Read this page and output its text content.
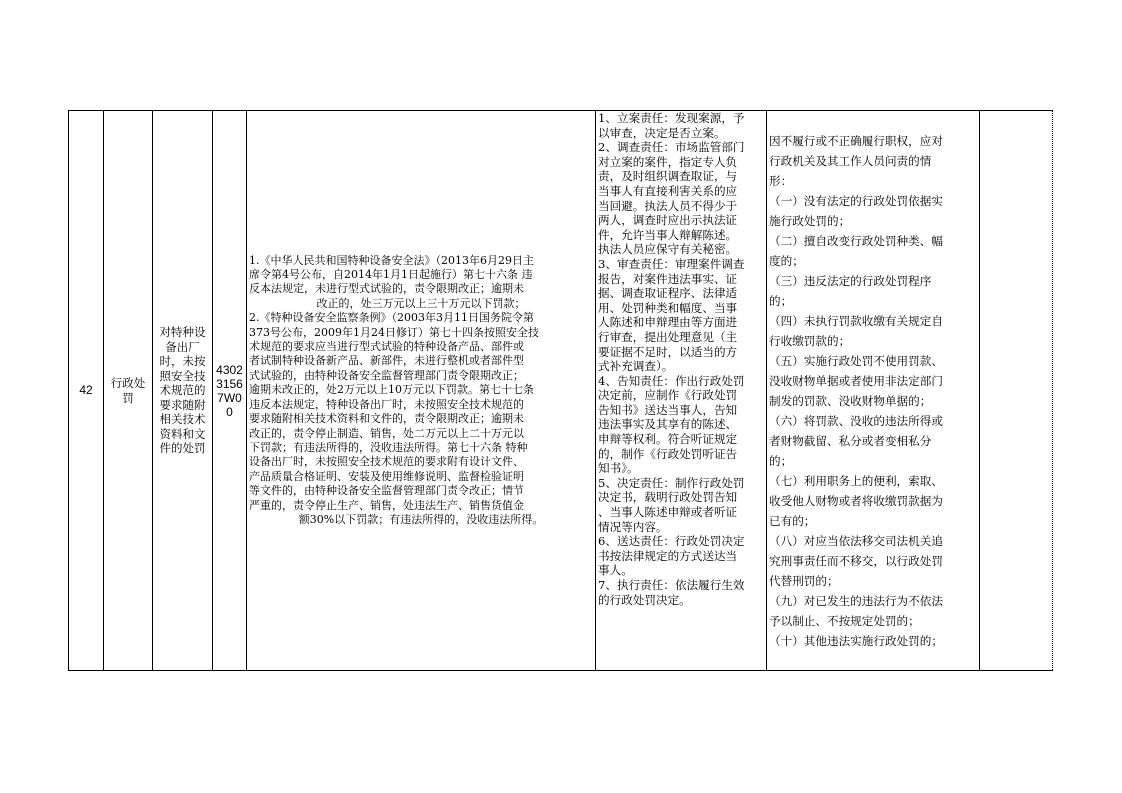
42	行政处罚	对特种设备出厂时，未按照安全技术规范的要求随附相关技术资料和文件的处罚	43023156 7W00	
1.《中华人民共和国特种设备安全法》（2013年6月29日主
席令第4号公布，自2014年1月1日起施行）第七十六条 违
反本法规定，未进行型式试验的，责令限期改正；逾期未
改正的，处三万元以上三十万元以下罚款；
2.《特种设备安全监察条例》（2003年3月11日国务院令第
373号公布，2009年1月24日修订）第七十四条按照安全技
术规范的要求应当进行型式试验的特种设备产品、部件或
者试制特种设备新产品、新部件，未进行整机或者部件型
式试验的，由特种设备安全监督管理部门责令限期改正；
逾期未改正的，处2万元以上10万元以下罚款。第七十七条
违反本法规定，特种设备出厂时，未按照安全技术规范的
要求随附相关技术资料和文件的，责令限期改正；逾期未
改正的，责令停止制造、销售，处二万元以上二十万元以
下罚款；有违法所得的，没收违法所得。第七十六条 特种
设备出厂时，未按照安全技术规范的要求附有设计文件、
产品质量合格证明、安装及使用维修说明、监督检验证明
等文件的，由特种设备安全监督管理部门责令改正；情节
严重的，责令停止生产、销售，处违法生产、销售货值金
额30%以下罚款；有违法所得的，没收违法所得。

1、立案责任：发现案源，予
以审查，决定是否立案。
2、调查责任：市场监管部门
对立案的案件，指定专人负
责，及时组织调查取证，与
当事人有直接利害关系的应
当回避。执法人员不得少于
两人，调查时应出示执法证
件，允许当事人辩解陈述。
执法人员应保守有关秘密。
3、审查责任：审理案件调查
报告，对案件违法事实、证
据、调查取证程序、法律适
用、处罚种类和幅度、当事
人陈述和申辩理由等方面进
行审查，提出处理意见（主
要证据不足时，以适当的方
式补充调查）。
4、告知责任：作出行政处罚
决定前，应制作《行政处罚
告知书》送达当事人，告知
违法事实及其享有的陈述、
申辩等权利。符合听证规定
的，制作《行政处罚听证告
知书》。
5、决定责任：制作行政处罚
决定书，载明行政处罚告知
、当事人陈述申辩或者听证
情况等内容。
6、送达责任：行政处罚决定
书按法律规定的方式送达当
事人。
7、执行责任：依法履行生效
的行政处罚决定。

因不履行或不正确履行职权，应对
行政机关及其工作人员问责的情
形：
（一）没有法定的行政处罚依据实
施行政处罚的；
（二）擅自改变行政处罚种类、幅
度的；
（三）违反法定的行政处罚程序
的；
（四）未执行罚款收缴有关规定自
行收缴罚款的；
（五）实施行政处罚不使用罚款、
没收财物单据或者使用非法定部门
制发的罚款、没收财物单据的；
（六）将罚款、没收的违法所得或
者财物截留、私分或者变相私分
的；
（七）利用职务上的便利，索取、
收受他人财物或者将收缴罚款据为
已有的；
（八）对应当依法移交司法机关追
究刑事责任而不移交，以行政处罚
代替刑罚的；
（九）对已发生的违法行为不依法
予以制止、不按规定处罚的；
（十）其他违法实施行政处罚的；
